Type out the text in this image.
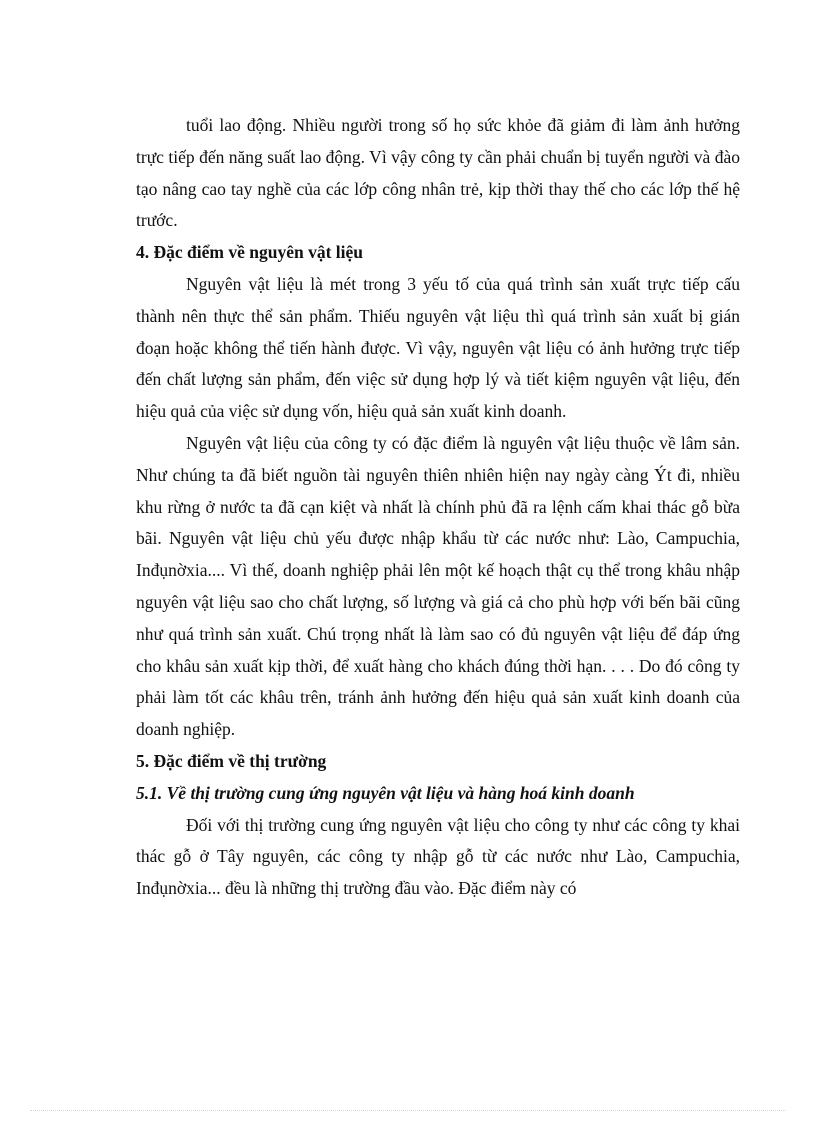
tuổi lao động. Nhiều người trong số họ sức khỏe đã giảm đi làm ảnh hưởng trực tiếp đến năng suất lao động. Vì vậy công ty cần phải chuẩn bị tuyển người và đào tạo nâng cao tay nghề của các lớp công nhân trẻ, kịp thời thay thế cho các lớp thế hệ trước.

4. Đặc điểm về nguyên vật liệu

Nguyên vật liệu là mét trong 3 yếu tố của quá trình sản xuất trực tiếp cấu thành nên thực thể sản phẩm. Thiếu nguyên vật liệu thì quá trình sản xuất bị gián đoạn hoặc không thể tiến hành được. Vì vậy, nguyên vật liệu có ảnh hưởng trực tiếp đến chất lượng sản phẩm, đến việc sử dụng hợp lý và tiết kiệm nguyên vật liệu, đến hiệu quả của việc sử dụng vốn, hiệu quả sản xuất kinh doanh.

Nguyên vật liệu của công ty có đặc điểm là nguyên vật liệu thuộc về lâm sản. Như chúng ta đã biết nguồn tài nguyên thiên nhiên hiện nay ngày càng Ýt đi, nhiều khu rừng ở nước ta đã cạn kiệt và nhất là chính phủ đã ra lệnh cấm khai thác gỗ bừa bãi. Nguyên vật liệu chủ yếu được nhập khẩu từ các nước như: Lào, Campuchia, Inđụnờxia.... Vì thế, doanh nghiệp phải lên một kế hoạch thật cụ thể trong khâu nhập nguyên vật liệu sao cho chất lượng, số lượng và giá cả cho phù hợp với bến bãi cũng như quá trình sản xuất. Chú trọng nhất là làm sao có đủ nguyên vật liệu để đáp ứng cho khâu sản xuất kịp thời, để xuất hàng cho khách đúng thời hạn. . . . Do đó công ty phải làm tốt các khâu trên, tránh ảnh hưởng đến hiệu quả sản xuất kinh doanh của doanh nghiệp.

5. Đặc điểm về thị trường

5.1. Về thị trường cung ứng nguyên vật liệu và hàng hoá kinh doanh

Đối với thị trường cung ứng nguyên vật liệu cho công ty như các công ty khai thác gỗ ở Tây nguyên, các công ty nhập gỗ từ các nước như Lào, Campuchia, Inđụnờxia... đều là những thị trường đầu vào. Đặc điểm này có
